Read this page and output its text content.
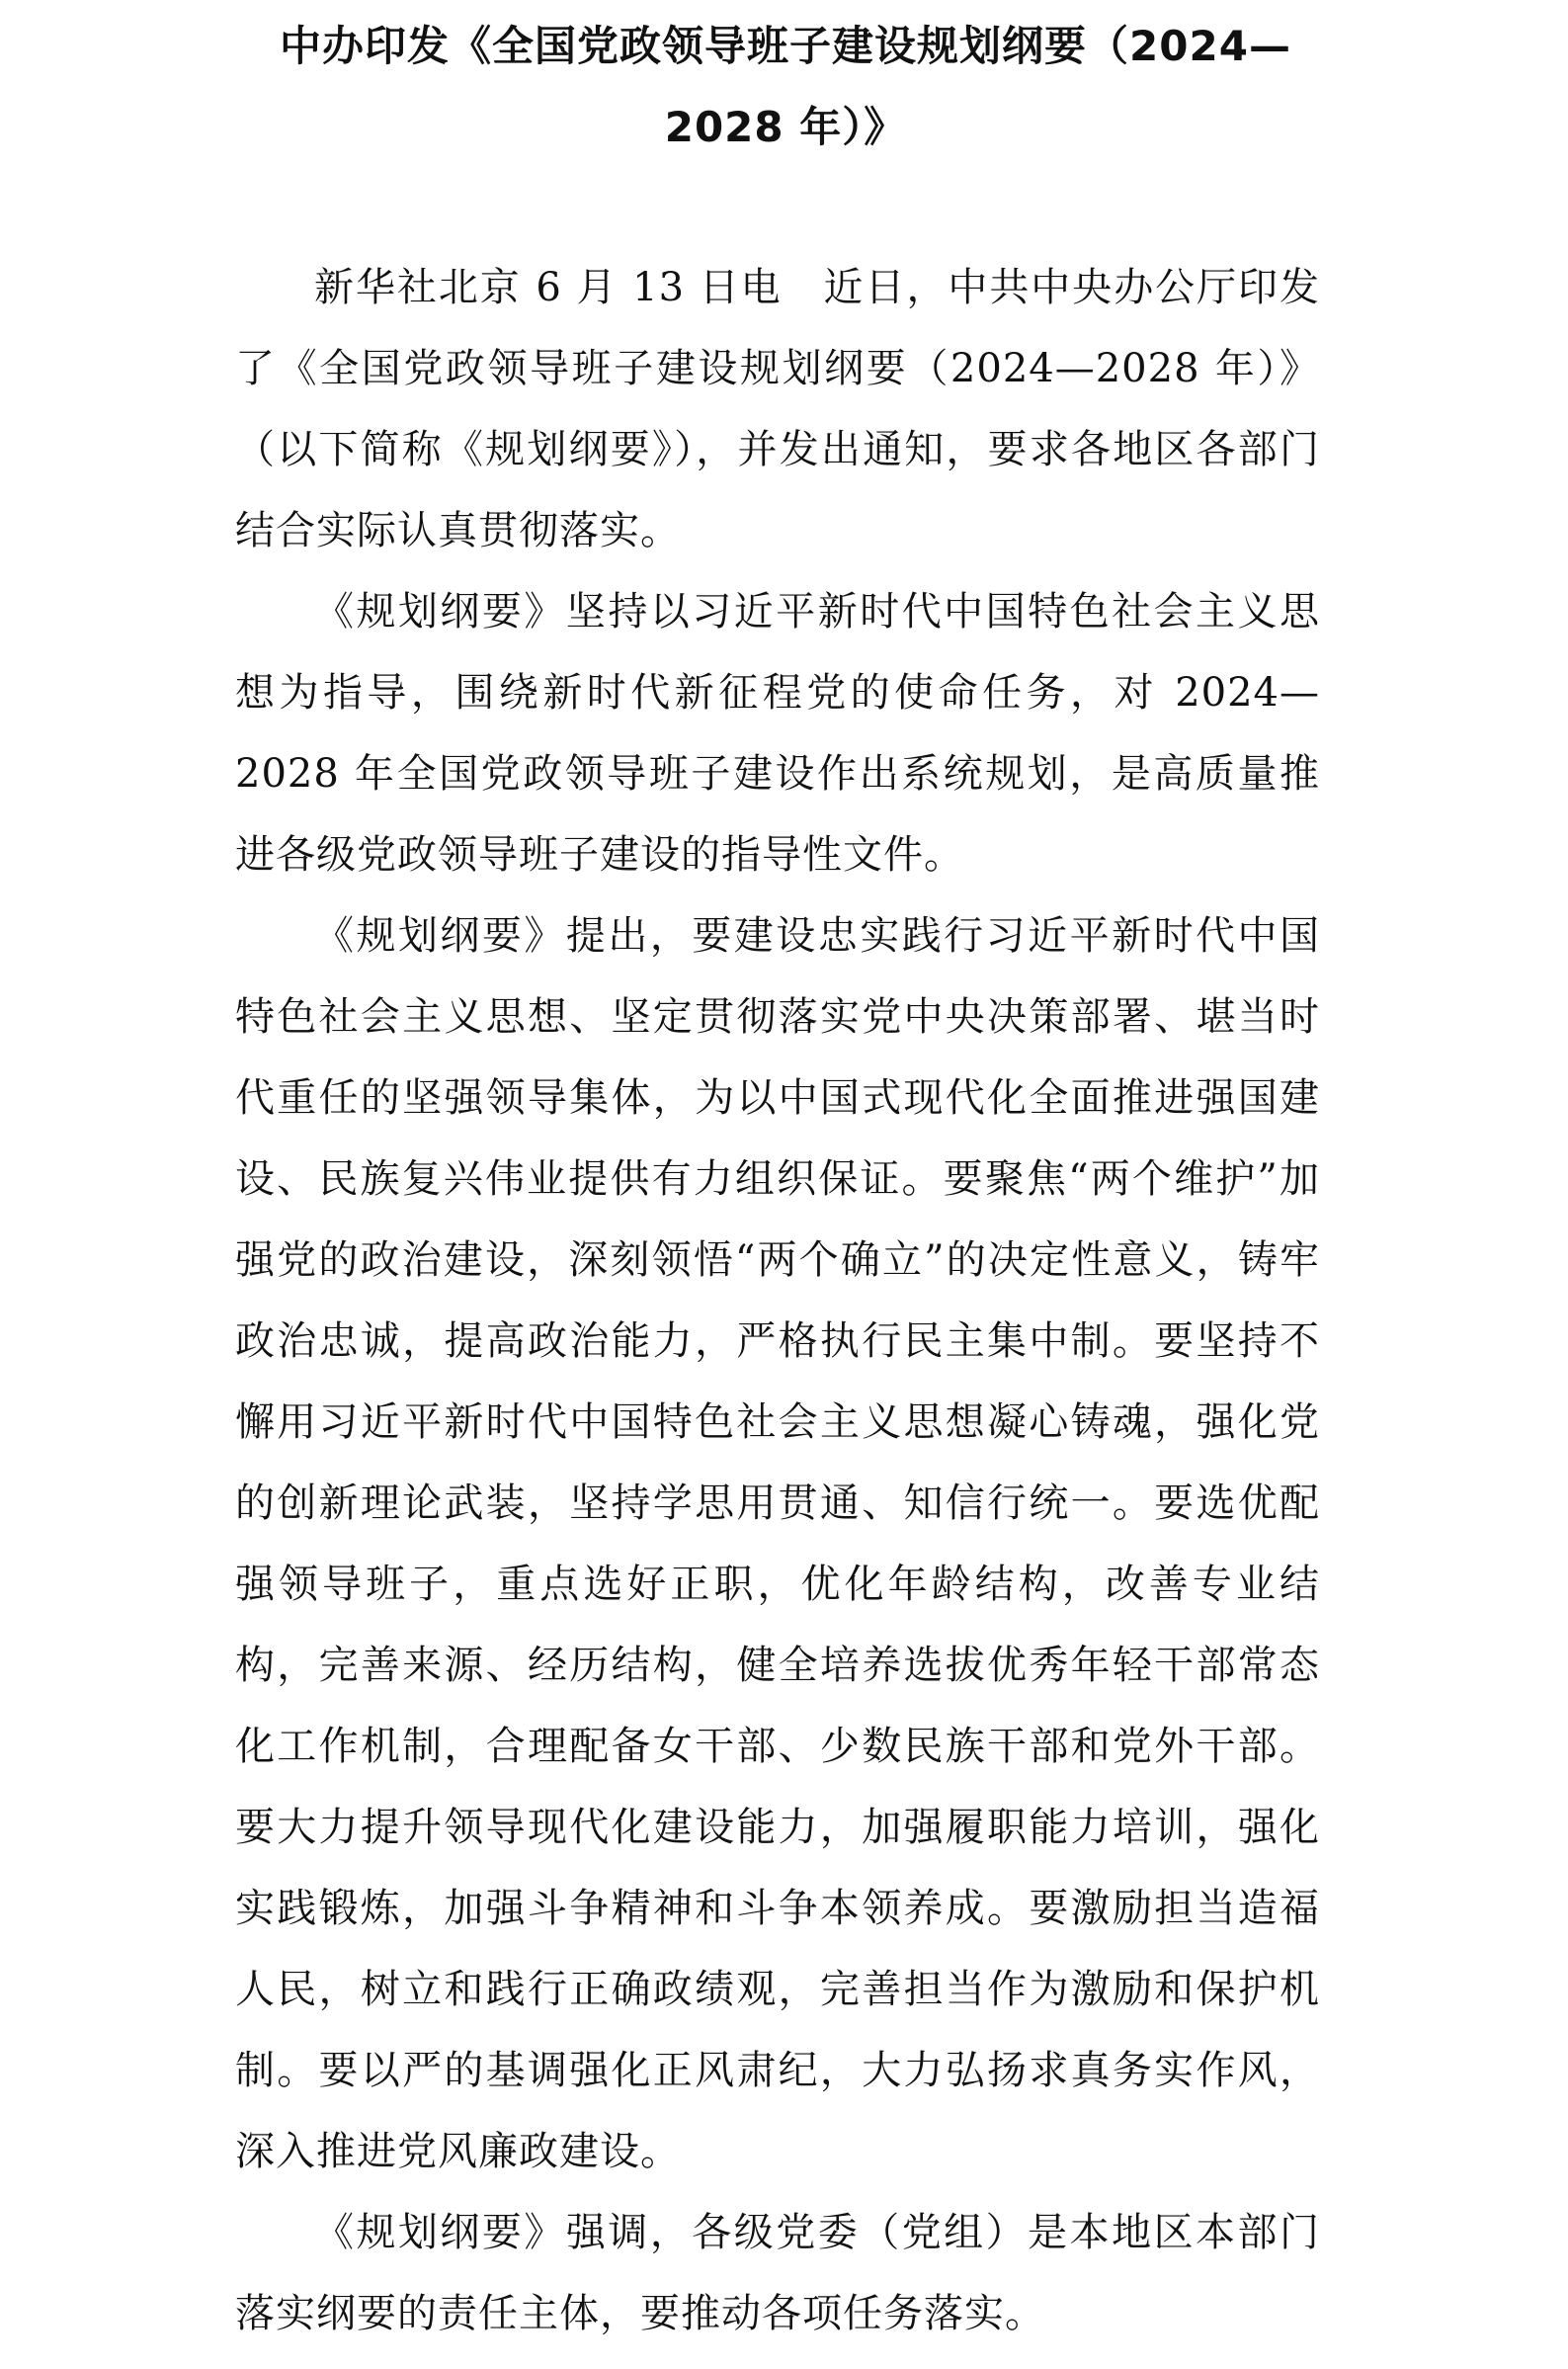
中办印发《全国党政领导班子建设规划纲要（2024—
2028 年）》

新华社北京 6 月 13 日电　近日，中共中央办公厅印发了《全国党政领导班子建设规划纲要（2024—2028 年）》（以下简称《规划纲要》），并发出通知，要求各地区各部门结合实际认真贯彻落实。

《规划纲要》坚持以习近平新时代中国特色社会主义思想为指导，围绕新时代新征程党的使命任务，对 2024—2028 年全国党政领导班子建设作出系统规划，是高质量推进各级党政领导班子建设的指导性文件。

《规划纲要》提出，要建设忠实践行习近平新时代中国特色社会主义思想、坚定贯彻落实党中央决策部署、堪当时代重任的坚强领导集体，为以中国式现代化全面推进强国建设、民族复兴伟业提供有力组织保证。要聚焦“两个维护”加强党的政治建设，深刻领悟“两个确立”的决定性意义，铸牢政治忠诚，提高政治能力，严格执行民主集中制。要坚持不懈用习近平新时代中国特色社会主义思想凝心铸魂，强化党的创新理论武装，坚持学思用贯通、知信行统一。要选优配强领导班子，重点选好正职，优化年龄结构，改善专业结构，完善来源、经历结构，健全培养选拔优秀年轻干部常态化工作机制，合理配备女干部、少数民族干部和党外干部。要大力提升领导现代化建设能力，加强履职能力培训，强化实践锻炼，加强斗争精神和斗争本领养成。要激励担当造福人民，树立和践行正确政绩观，完善担当作为激励和保护机制。要以严的基调强化正风肃纪，大力弘扬求真务实作风，深入推进党风廉政建设。

《规划纲要》强调，各级党委（党组）是本地区本部门落实纲要的责任主体，要推动各项任务落实。
